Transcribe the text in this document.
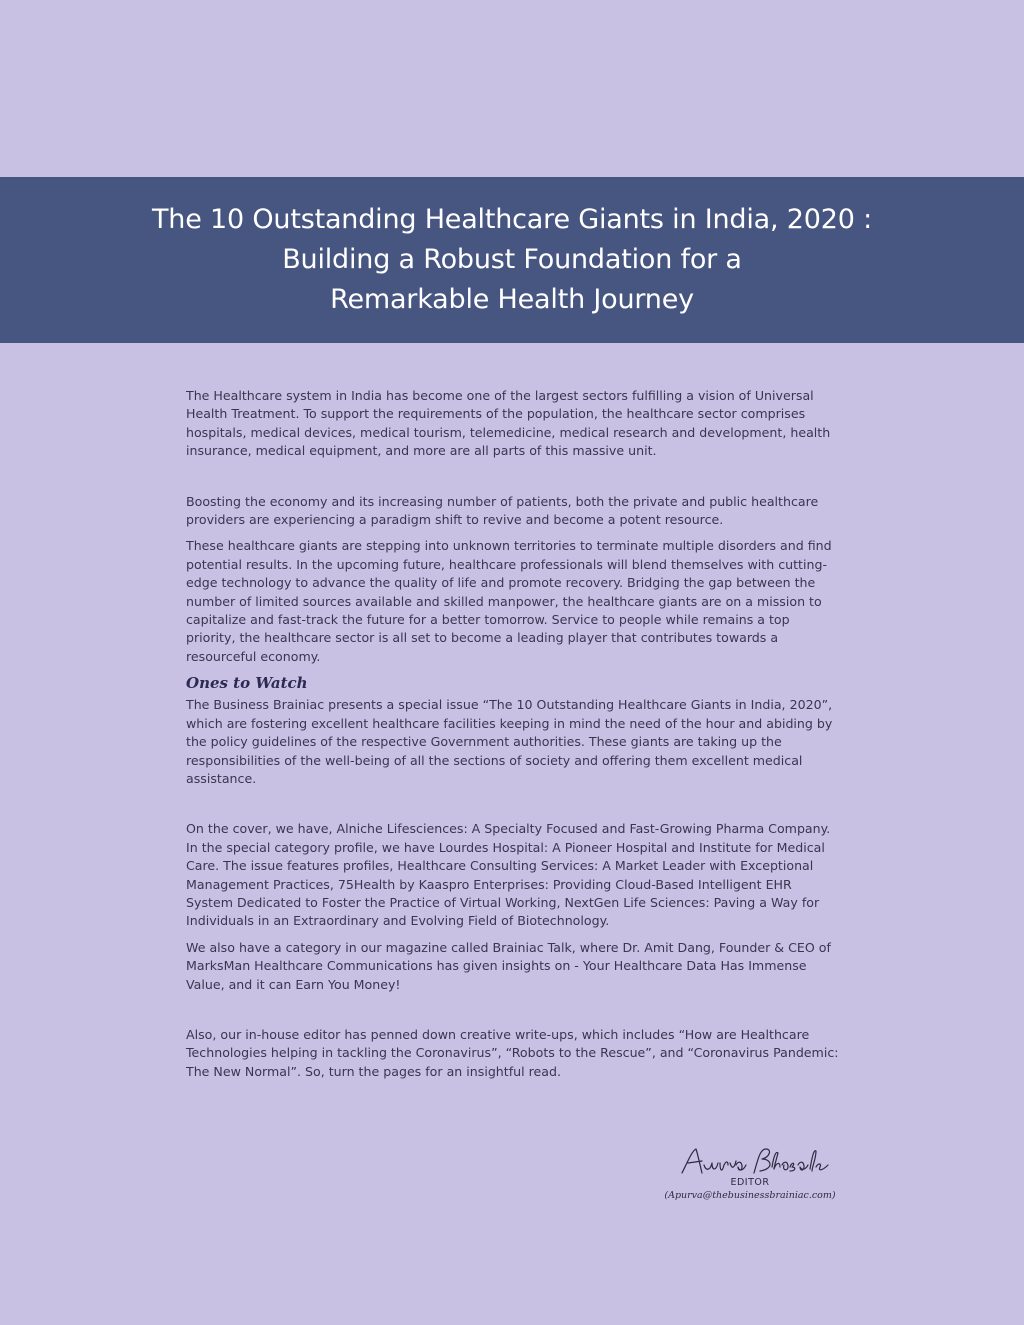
The 10 Outstanding Healthcare Giants in India, 2020 :
Building a Robust Foundation for a
Remarkable Health Journey

The Healthcare system in India has become one of the largest sectors fulfilling a vision of Universal Health Treatment. To support the requirements of the population, the healthcare sector comprises hospitals, medical devices, medical tourism, telemedicine, medical research and development, health insurance, medical equipment, and more are all parts of this massive unit.

Boosting the economy and its increasing number of patients, both the private and public healthcare providers are experiencing a paradigm shift to revive and become a potent resource.

These healthcare giants are stepping into unknown territories to terminate multiple disorders and find potential results. In the upcoming future, healthcare professionals will blend themselves with cutting-edge technology to advance the quality of life and promote recovery. Bridging the gap between the number of limited sources available and skilled manpower, the healthcare giants are on a mission to capitalize and fast-track the future for a better tomorrow. Service to people while remains a top priority, the healthcare sector is all set to become a leading player that contributes towards a resourceful economy.

Ones to Watch

The Business Brainiac presents a special issue “The 10 Outstanding Healthcare Giants in India, 2020”, which are fostering excellent healthcare facilities keeping in mind the need of the hour and abiding by the policy guidelines of the respective Government authorities. These giants are taking up the responsibilities of the well-being of all the sections of society and offering them excellent medical assistance.

On the cover, we have, Alniche Lifesciences: A Specialty Focused and Fast-Growing Pharma Company. In the special category profile, we have Lourdes Hospital: A Pioneer Hospital and Institute for Medical Care. The issue features profiles, Healthcare Consulting Services: A Market Leader with Exceptional Management Practices, 75Health by Kaaspro Enterprises: Providing Cloud-Based Intelligent EHR System Dedicated to Foster the Practice of Virtual Working, NextGen Life Sciences: Paving a Way for Individuals in an Extraordinary and Evolving Field of Biotechnology.

We also have a category in our magazine called Brainiac Talk, where Dr. Amit Dang, Founder & CEO of MarksMan Healthcare Communications has given insights on - Your Healthcare Data Has Immense Value, and it can Earn You Money!

Also, our in-house editor has penned down creative write-ups, which includes “How are Healthcare Technologies helping in tackling the Coronavirus”, “Robots to the Rescue”, and “Coronavirus Pandemic: The New Normal”. So, turn the pages for an insightful read.

EDITOR
(Apurva@thebusinessbrainiac.com)
